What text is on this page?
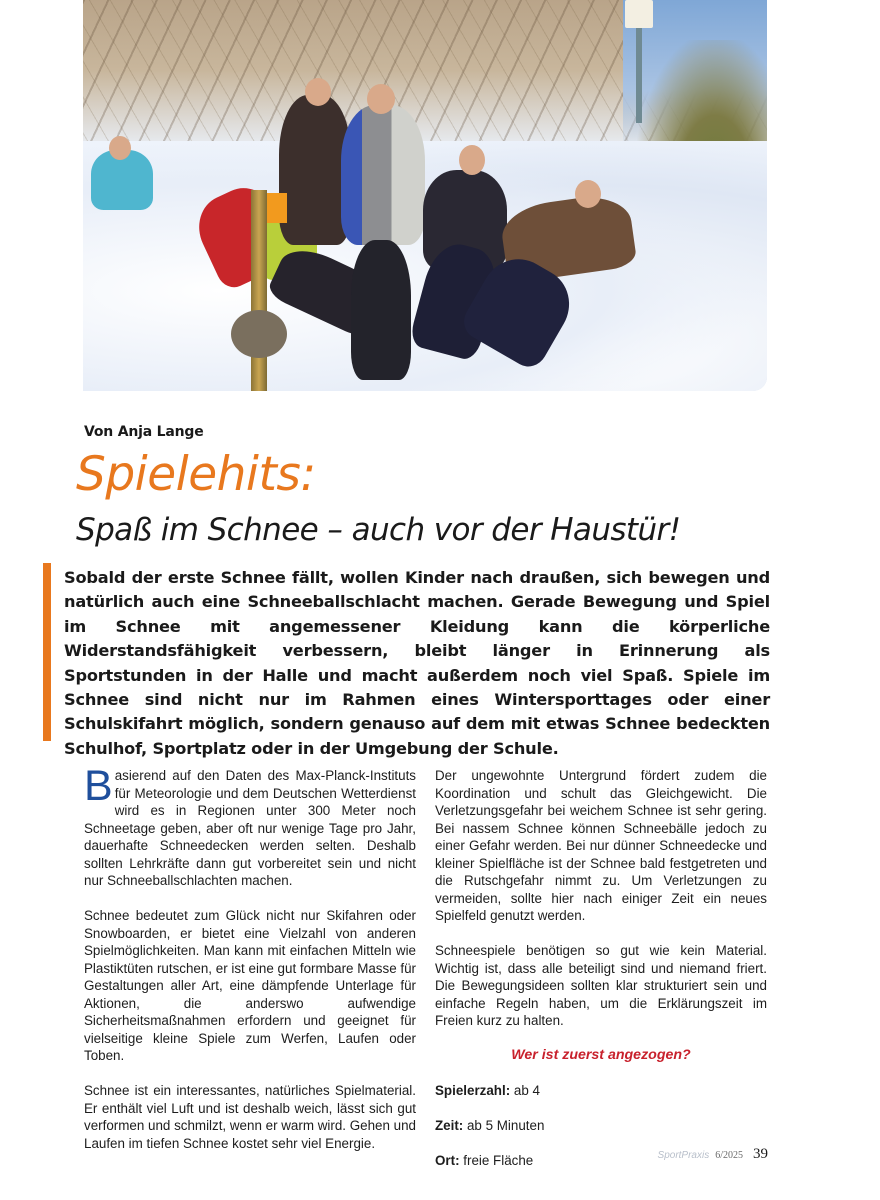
Von Anja Lange
Spielehits:
Spaß im Schnee – auch vor der Haustür!

Sobald der erste Schnee fällt, wollen Kinder nach draußen, sich bewegen und natürlich auch eine Schneeballschlacht machen. Gerade Bewegung und Spiel im Schnee mit angemessener Kleidung kann die körperliche Widerstandsfähigkeit verbessern, bleibt länger in Erinnerung als Sportstunden in der Halle und macht außerdem noch viel Spaß. Spiele im Schnee sind nicht nur im Rahmen eines Wintersporttages oder einer Schulskifahrt möglich, sondern genauso auf dem mit etwas Schnee bedeckten Schulhof, Sportplatz oder in der Umgebung der Schule.

Basierend auf den Daten des Max-Planck-Instituts für Meteorologie und dem Deutschen Wetterdienst wird es in Regionen unter 300 Meter noch Schneetage geben, aber oft nur wenige Tage pro Jahr, dauerhafte Schneedecken werden selten. Deshalb sollten Lehrkräfte dann gut vorbereitet sein und nicht nur Schneeballschlachten machen.

Schnee bedeutet zum Glück nicht nur Skifahren oder Snowboarden, er bietet eine Vielzahl von anderen Spielmöglichkeiten. Man kann mit einfachen Mitteln wie Plastiktüten rutschen, er ist eine gut formbare Masse für Gestaltungen aller Art, eine dämpfende Unterlage für Aktionen, die anderswo aufwendige Sicherheitsmaßnahmen erfordern und geeignet für vielseitige kleine Spiele zum Werfen, Laufen oder Toben.

Schnee ist ein interessantes, natürliches Spielmaterial. Er enthält viel Luft und ist deshalb weich, lässt sich gut verformen und schmilzt, wenn er warm wird. Gehen und Laufen im tiefen Schnee kostet sehr viel Energie.

Der ungewohnte Untergrund fördert zudem die Koordination und schult das Gleichgewicht. Die Verletzungsgefahr bei weichem Schnee ist sehr gering. Bei nassem Schnee können Schneebälle jedoch zu einer Gefahr werden. Bei nur dünner Schneedecke und kleiner Spielfläche ist der Schnee bald festgetreten und die Rutschgefahr nimmt zu. Um Verletzungen zu vermeiden, sollte hier nach einiger Zeit ein neues Spielfeld genutzt werden.

Schneespiele benötigen so gut wie kein Material. Wichtig ist, dass alle beteiligt sind und niemand friert. Die Bewegungsideen sollten klar strukturiert sein und einfache Regeln haben, um die Erklärungszeit im Freien kurz zu halten.

Wer ist zuerst angezogen?

Spielerzahl: ab 4

Zeit: ab 5 Minuten

Ort: freie Fläche	SportPraxis 6/2025 39
